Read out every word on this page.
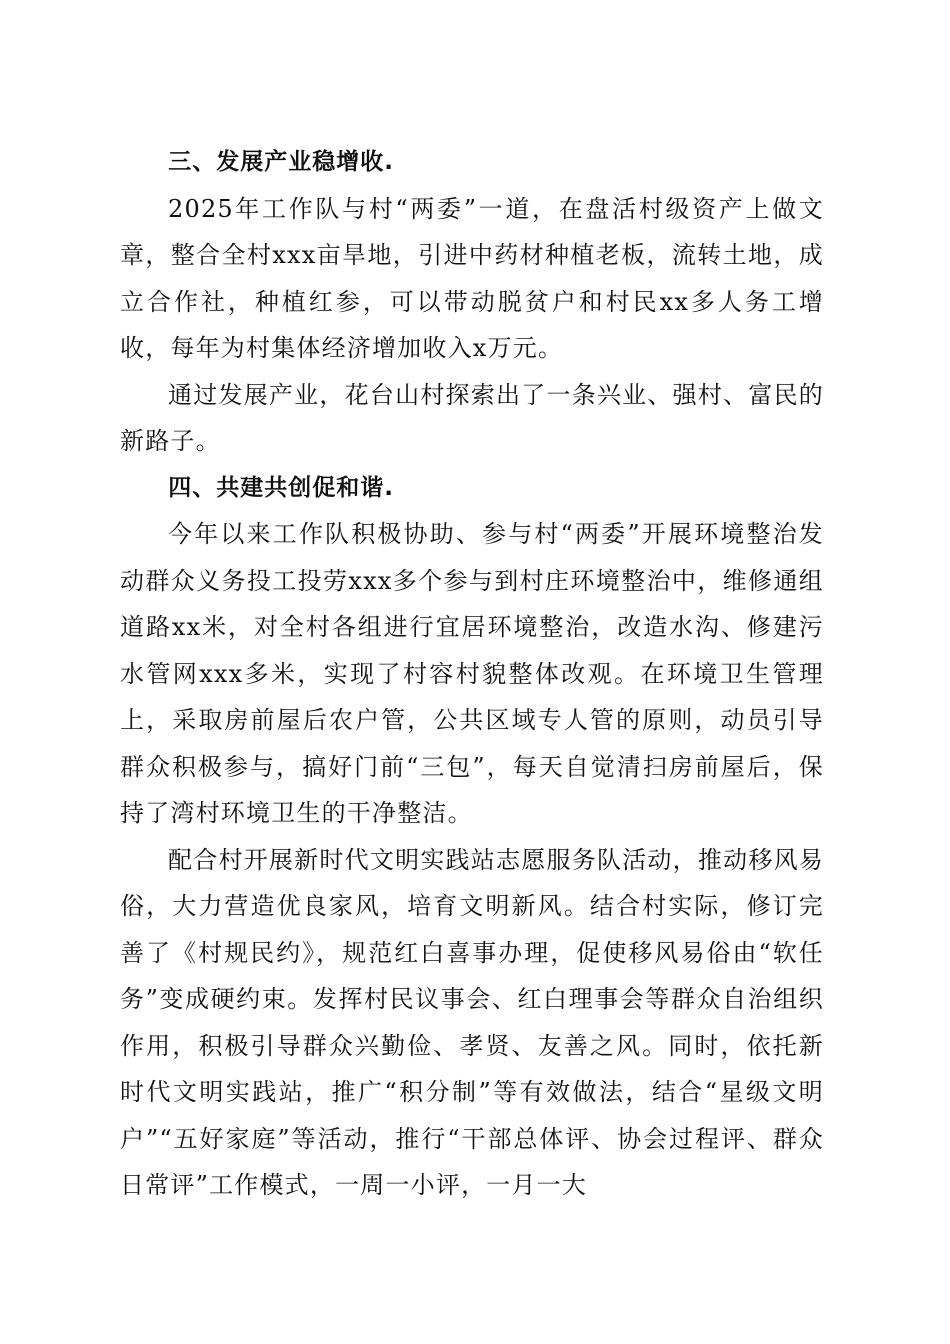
三、发展产业稳增收.

2025年工作队与村“两委”一道，在盘活村级资产上做文章，整合全村xxx亩旱地，引进中药材种植老板，流转土地，成立合作社，种植红参，可以带动脱贫户和村民xx多人务工增收，每年为村集体经济增加收入x万元。

通过发展产业，花台山村探索出了一条兴业、强村、富民的新路子。

四、共建共创促和谐.

今年以来工作队积极协助、参与村“两委”开展环境整治发动群众义务投工投劳xxx多个参与到村庄环境整治中，维修通组道路xx米，对全村各组进行宜居环境整治，改造水沟、修建污水管网xxx多米，实现了村容村貌整体改观。在环境卫生管理上，采取房前屋后农户管，公共区域专人管的原则，动员引导群众积极参与，搞好门前“三包”，每天自觉清扫房前屋后，保持了湾村环境卫生的干净整洁。

配合村开展新时代文明实践站志愿服务队活动，推动移风易俗，大力营造优良家风，培育文明新风。结合村实际，修订完善了《村规民约》，规范红白喜事办理，促使移风易俗由“软任务”变成硬约束。发挥村民议事会、红白理事会等群众自治组织作用，积极引导群众兴勤俭、孝贤、友善之风。同时，依托新时代文明实践站，推广“积分制”等有效做法，结合“星级文明户”“五好家庭”等活动，推行“干部总体评、协会过程评、群众日常评”工作模式，一周一小评，一月一大
